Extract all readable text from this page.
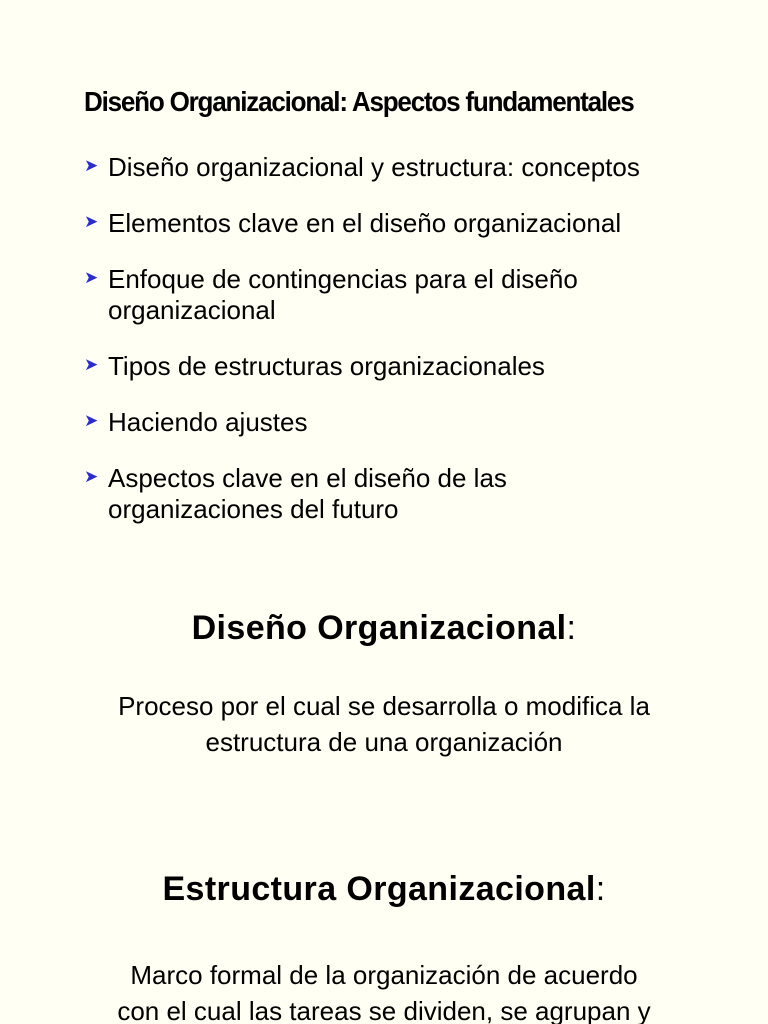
Diseño Organizacional: Aspectos fundamentales
➤ Diseño organizacional y estructura: conceptos
➤ Elementos clave en el diseño organizacional
➤ Enfoque de contingencias para el diseño
organizacional
➤ Tipos de estructuras organizacionales
➤ Haciendo ajustes
➤ Aspectos clave en el diseño de las
organizaciones del futuro
Diseño Organizacional:

Proceso por el cual se desarrolla o modifica la
estructura de una organización

Estructura Organizacional:

Marco formal de la organización de acuerdo
con el cual las tareas se dividen, se agrupan y
